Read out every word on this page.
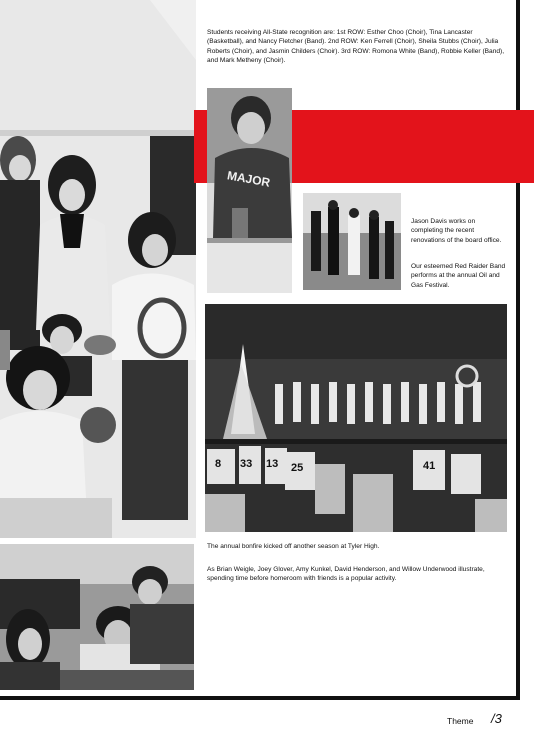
Students receiving All-State recognition are: 1st ROW: Esther Choo (Choir), Tina Lancaster (Basketball), and Nancy Fletcher (Band). 2nd ROW: Ken Ferrell (Choir), Sheila Stubbs (Choir), Julia Roberts (Choir), and Jasmin Childers (Choir). 3rd ROW: Romona White (Band), Robbie Keller (Band), and Mark Metheny (Choir).

MAJOR

Jason Davis works on completing the recent renovations of the board office.

Our esteemed Red Raider Band performs at the annual Oil and Gas Festival.

8 33 13 25	41

The annual bonfire kicked off another season at Tyler High.

As Brian Weigle, Joey Glover, Amy Kunkel, David Henderson, and Willow Underwood illustrate, spending time before homeroom with friends is a popular activity.

Theme /3
